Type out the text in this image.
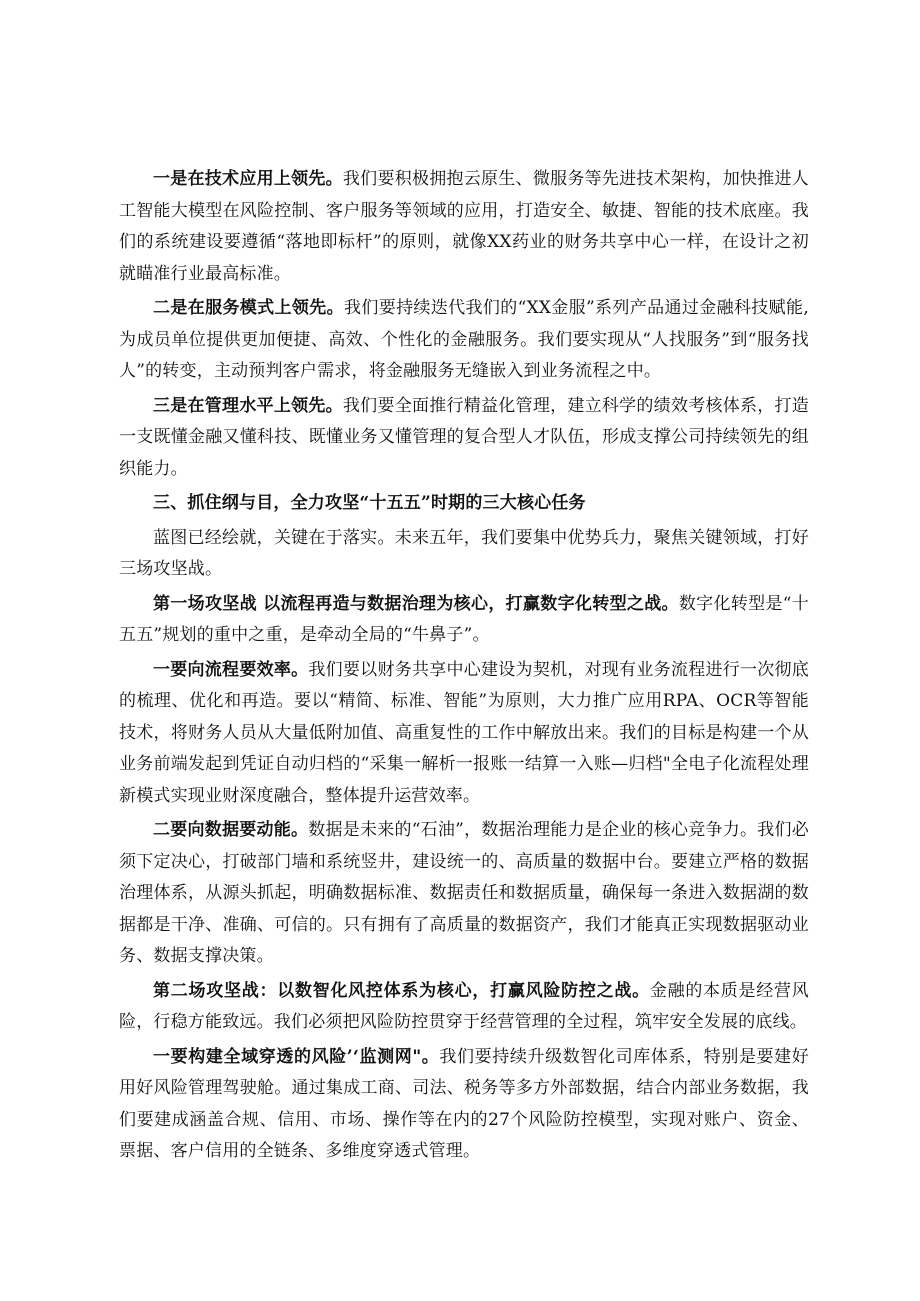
一是在技术应用上领先。我们要积极拥抱云原生、微服务等先进技术架构，加快推进人工智能大模型在风险控制、客户服务等领域的应用，打造安全、敏捷、智能的技术底座。我们的系统建设要遵循“落地即标杆”的原则，就像XX药业的财务共享中心一样，在设计之初就瞄准行业最高标准。

二是在服务模式上领先。我们要持续迭代我们的“XX金服”系列产品通过金融科技赋能,为成员单位提供更加便捷、高效、个性化的金融服务。我们要实现从“人找服务”到“服务找人”的转变，主动预判客户需求，将金融服务无缝嵌入到业务流程之中。

三是在管理水平上领先。我们要全面推行精益化管理，建立科学的绩效考核体系，打造一支既懂金融又懂科技、既懂业务又懂管理的复合型人才队伍，形成支撑公司持续领先的组织能力。

三、抓住纲与目，全力攻坚“十五五”时期的三大核心任务

蓝图已经绘就，关键在于落实。未来五年，我们要集中优势兵力，聚焦关键领域，打好三场攻坚战。

第一场攻坚战 以流程再造与数据治理为核心，打赢数字化转型之战。数字化转型是“十五五”规划的重中之重，是牵动全局的“牛鼻子”。

一要向流程要效率。我们要以财务共享中心建设为契机，对现有业务流程进行一次彻底的梳理、优化和再造。要以“精简、标准、智能”为原则，大力推广应用RPA、OCR等智能技术，将财务人员从大量低附加值、高重复性的工作中解放出来。我们的目标是构建一个从业务前端发起到凭证自动归档的“采集一解析一报账一结算一入账—归档"全电子化流程处理新模式实现业财深度融合，整体提升运营效率。

二要向数据要动能。数据是未来的“石油”，数据治理能力是企业的核心竞争力。我们必须下定决心，打破部门墙和系统竖井，建设统一的、高质量的数据中台。要建立严格的数据治理体系，从源头抓起，明确数据标准、数据责任和数据质量，确保每一条进入数据湖的数据都是干净、准确、可信的。只有拥有了高质量的数据资产，我们才能真正实现数据驱动业务、数据支撑决策。

第二场攻坚战：以数智化风控体系为核心，打赢风险防控之战。金融的本质是经营风险，行稳方能致远。我们必须把风险防控贯穿于经营管理的全过程，筑牢安全发展的底线。

一要构建全域穿透的风险’‘监测网"。我们要持续升级数智化司库体系，特别是要建好用好风险管理驾驶舱。通过集成工商、司法、税务等多方外部数据，结合内部业务数据，我们要建成涵盖合规、信用、市场、操作等在内的27个风险防控模型，实现对账户、资金、票据、客户信用的全链条、多维度穿透式管理。
